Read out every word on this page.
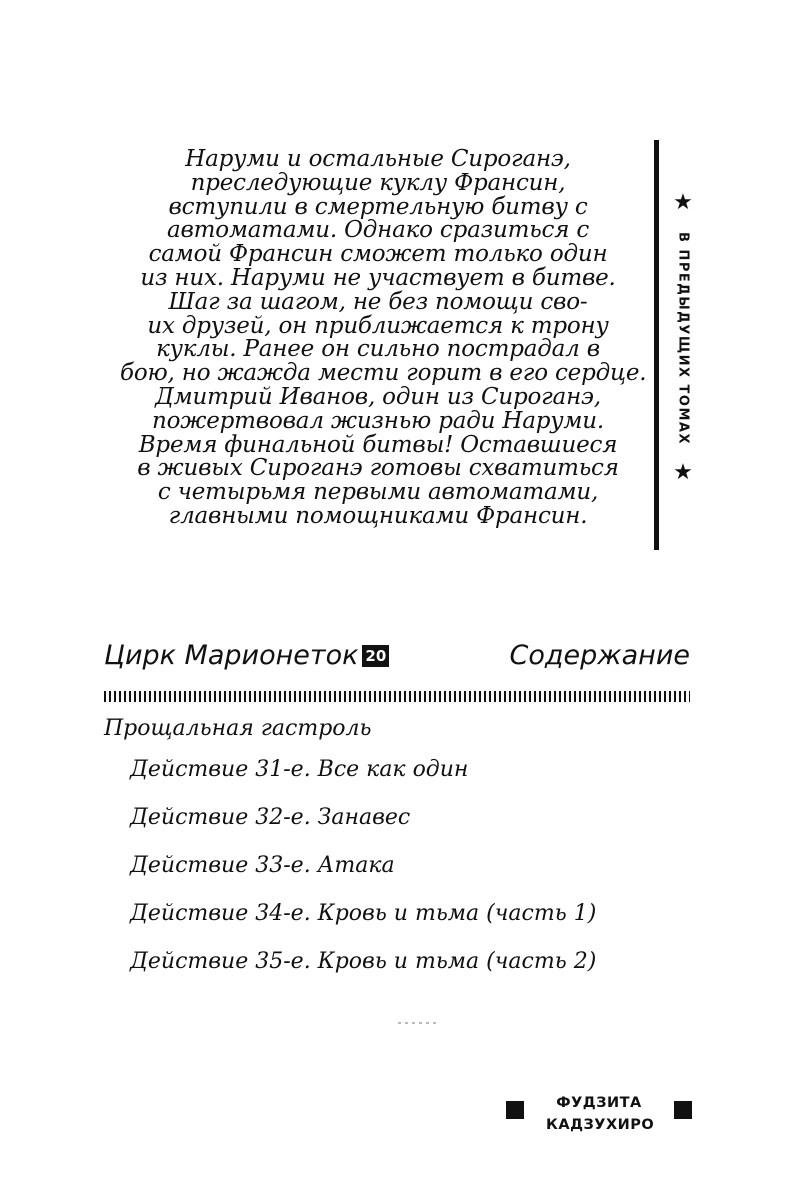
Наруми и остальные Сироганэ,
преследующие куклу Франсин,
вступили в смертельную битву с
автоматами. Однако сразиться с
самой Франсин сможет только один
из них. Наруми не участвует в битве.
Шаг за шагом, не без помощи сво-
их друзей, он приближается к трону
куклы. Ранее он сильно пострадал в
бою, но жажда мести горит в его сердце.
Дмитрий Иванов, один из Сироганэ,
пожертвовал жизнью ради Наруми.
Время финальной битвы! Оставшиеся
в живых Сироганэ готовы схватиться
с четырьмя первыми автоматами,
главными помощниками Франсин.
★
В ПРЕДЫДУЩИХ ТОМАХ
★
Цирк Марионеток 20	Содержание
Прощальная гастроль
Действие 31-е. Все как один
Действие 32-е. Занавес
Действие 33-е. Атака
Действие 34-е. Кровь и тьма (часть 1)
Действие 35-е. Кровь и тьма (часть 2)
ФУДЗИТА
КАДЗУХИРО
